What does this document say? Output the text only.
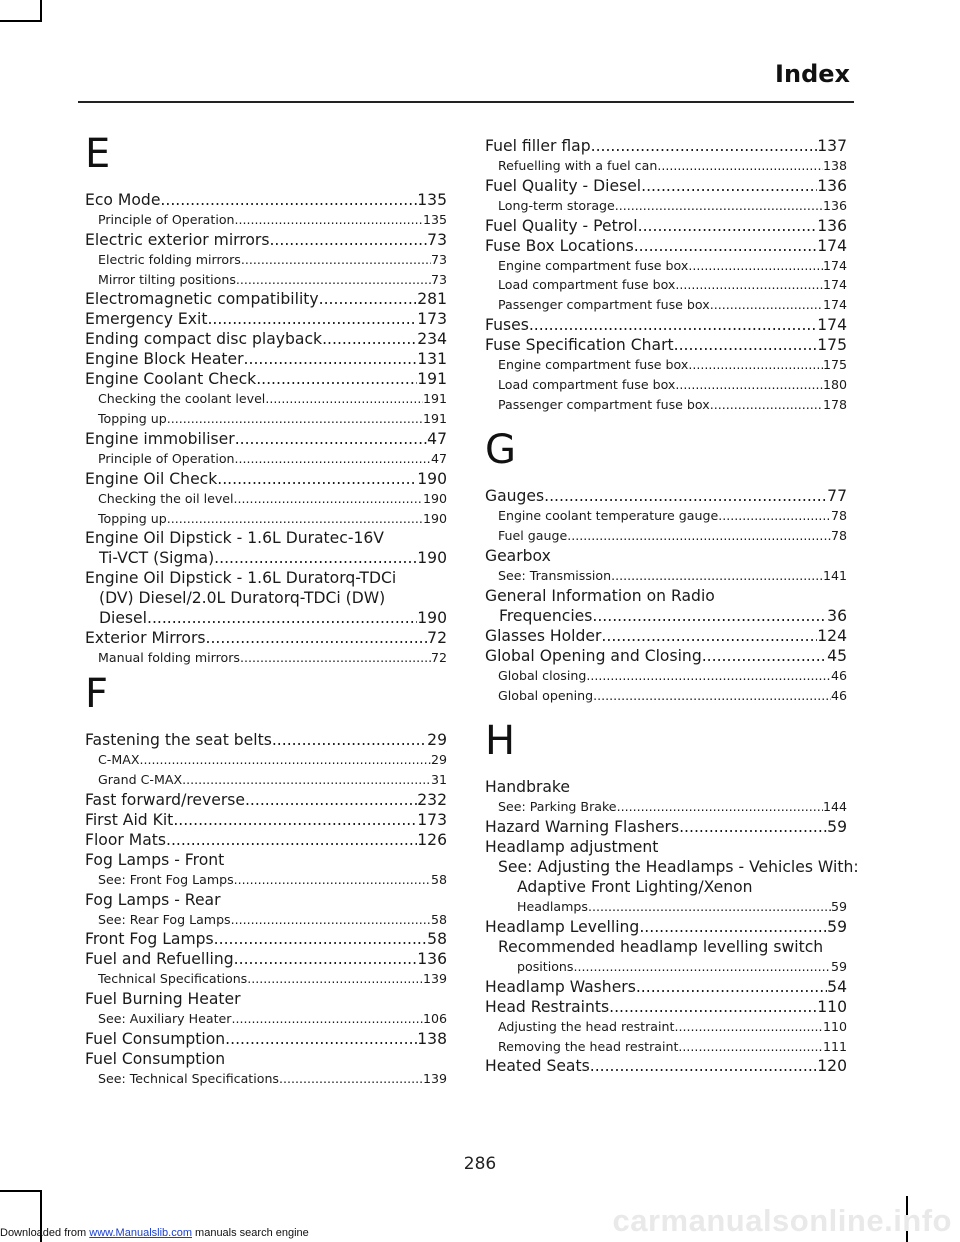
Index
E
Eco Mode .....	135
Principle of Operation .....	135
Electric exterior mirrors .....	73
Electric folding mirrors .....	73
Mirror tilting positions .....	73
Electromagnetic compatibility .....	281
Emergency Exit .....	173
Ending compact disc playback .....	234
Engine Block Heater .....	131
Engine Coolant Check .....	191
Checking the coolant level .....	191
Topping up .....	191
Engine immobiliser .....	47
Principle of Operation .....	47
Engine Oil Check .....	190
Checking the oil level .....	190
Topping up .....	190
Engine Oil Dipstick - 1.6L Duratec-16V
Ti-VCT (Sigma) .....	190
Engine Oil Dipstick - 1.6L Duratorq-TDCi
(DV) Diesel/2.0L Duratorq-TDCi (DW)
Diesel .....	190
Exterior Mirrors .....	72
Manual folding mirrors .....	72
F
Fastening the seat belts .....	29
C-MAX .....	29
Grand C-MAX .....	31
Fast forward/reverse .....	232
First Aid Kit .....	173
Floor Mats .....	126
Fog Lamps - Front
See: Front Fog Lamps .....	58
Fog Lamps - Rear
See: Rear Fog Lamps .....	58
Front Fog Lamps .....	58
Fuel and Refuelling .....	136
Technical Specifications .....	139
Fuel Burning Heater
See: Auxiliary Heater .....	106
Fuel Consumption .....	138
Fuel Consumption
See: Technical Specifications .....	139
Fuel filler flap .....	137
Refuelling with a fuel can .....	138
Fuel Quality - Diesel .....	136
Long-term storage .....	136
Fuel Quality - Petrol .....	136
Fuse Box Locations .....	174
Engine compartment fuse box .....	174
Load compartment fuse box .....	174
Passenger compartment fuse box .....	174
Fuses .....	174
Fuse Specification Chart .....	175
Engine compartment fuse box .....	175
Load compartment fuse box .....	180
Passenger compartment fuse box .....	178
G
Gauges .....	77
Engine coolant temperature gauge .....	78
Fuel gauge .....	78
Gearbox
See: Transmission .....	141
General Information on Radio
Frequencies .....	36
Glasses Holder .....	124
Global Opening and Closing .....	45
Global closing .....	46
Global opening .....	46
H
Handbrake
See: Parking Brake .....	144
Hazard Warning Flashers .....	59
Headlamp adjustment
See: Adjusting the Headlamps - Vehicles With:
Adaptive Front Lighting/Xenon
Headlamps .....	59
Headlamp Levelling .....	59
Recommended headlamp levelling switch
positions .....	59
Headlamp Washers .....	54
Head Restraints .....	110
Adjusting the head restraint .....	110
Removing the head restraint .....	111
Heated Seats .....	120
286
carmanualsonline.info
Downloaded from www.Manualslib.com manuals search engine
